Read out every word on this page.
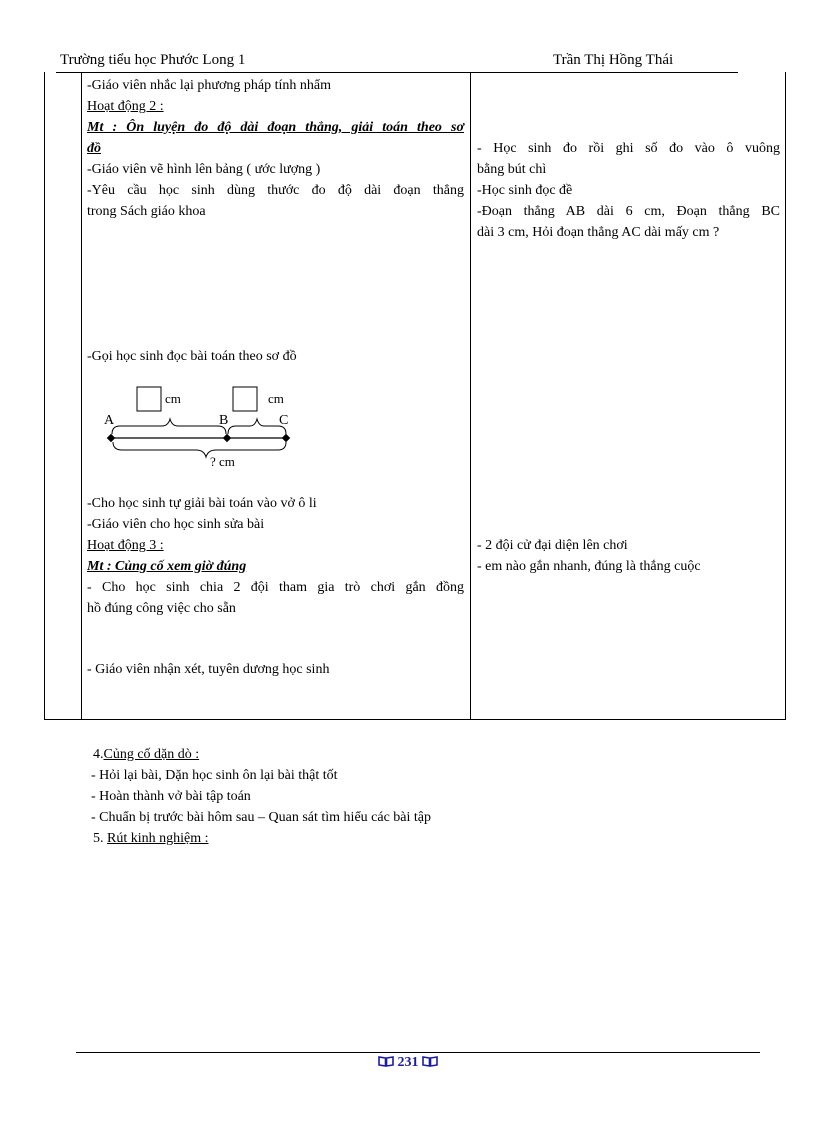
Trường tiểu học Phước Long 1	Trần Thị Hồng Thái
-Giáo viên nhắc lại phương pháp tính nhẩm
Hoạt động 2 :
Mt : Ôn luyện đo độ dài đoạn thẳng, giải toán theo sơ
đồ
-Giáo viên vẽ hình lên bảng ( ước lượng )
-Yêu cầu học sinh dùng thước đo độ dài đoạn thẳng
trong Sách giáo khoa
-Gọi học sinh đọc bài toán theo sơ đồ
cm	cm
A	B	C
? cm
-Cho học sinh tự giải bài toán vào vở ô li
-Giáo viên cho học sinh sửa bài
Hoạt động 3 :
Mt : Củng cố xem giờ đúng
- Cho học sinh chia 2 đội tham gia trò chơi gắn đồng
hồ đúng công việc cho sẵn
- Giáo viên nhận xét, tuyên dương học sinh
- Học sinh đo rồi ghi số đo vào ô vuông
bằng bút chì
-Học sinh đọc đề
-Đoạn thẳng AB dài 6 cm, Đoạn thẳng BC
dài 3 cm, Hỏi đoạn thẳng AC dài mấy cm ?
- 2 đội cử đại diện lên chơi
- em nào gắn nhanh, đúng là thắng cuộc
4.Củng cố dặn dò :
- Hỏi lại bài, Dặn học sinh ôn lại bài thật tốt
- Hoàn thành vở bài tập toán
- Chuẩn bị trước bài hôm sau – Quan sát tìm hiểu các bài tập
5. Rút kinh nghiệm :
231
